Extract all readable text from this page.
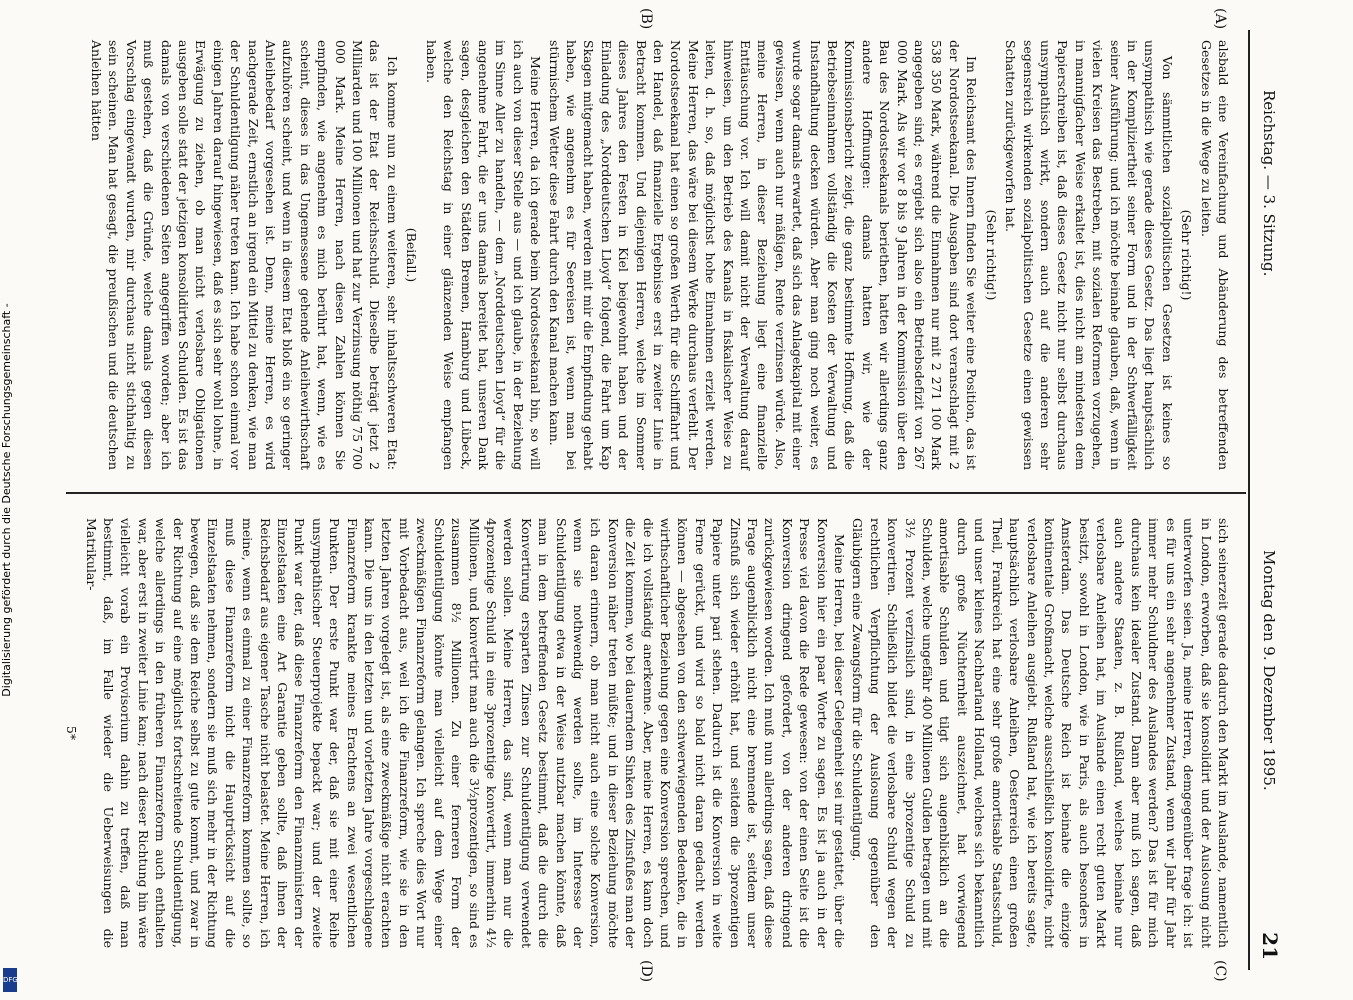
Digitalisierung gefördert durch die Deutsche Forschungsgemeinschaft -
DFG
Reichstag. — 3. Sitzung.
Montag den 9. Dezember 1895.
21
(A)
(B)
(C)
(D)

alsbald eine Vereinfachung und Abänderung des betreffenden Gesetzes in die Wege zu leiten.

(Sehr richtig!)

Von sämmtlichen sozialpolitischen Gesetzen ist keines so unsympathisch wie gerade dieses Gesetz. Das liegt hauptsächlich in der Kompliziertheit seiner Form und in der Schwerfälligkeit seiner Ausführung; und ich möchte beinahe glauben, daß, wenn in vielen Kreisen das Bestreben, mit sozialen Reformen vorzugehen, in mannigfacher Weise erkaltet ist, dies nicht am mindesten dem Papierschreiben ist, daß dieses Gesetz nicht nur selbst durchaus unsympathisch wirkt, sondern auch auf die anderen sehr segensreich wirkenden sozialpolitischen Gesetze einen gewissen Schatten zurückgeworfen hat.

(Sehr richtig!)

Im Reichsamt des Innern finden Sie weiter eine Position, das ist der Nordostseekanal. Die Ausgaben sind dort veranschlagt mit 2 538 350 Mark, während die Einnahmen nur mit 2 271 100 Mark angegeben sind; es ergiebt sich also ein Betriebsdefizit von 267 000 Mark. Als wir vor 8 bis 9 Jahren in der Kommission über den Bau des Nordostseekanals beriethen, hatten wir allerdings ganz andere Hoffnungen: damals hatten wir, wie der Kommissionsbericht zeigt, die ganz bestimmte Hoffnung, daß die Betriebseinnahmen vollständig die Kosten der Verwaltung und Instandhaltung decken würden. Aber man ging noch weiter, es wurde sogar damals erwartet, daß sich das Anlagekapital mit einer gewissen, wenn auch nur mäßigen, Rente verzinsen würde. Also, meine Herren, in dieser Beziehung liegt eine finanzielle Enttäuschung vor. Ich will damit nicht der Verwaltung darauf hinweisen, um den Betrieb des Kanals in fiskalischer Weise zu leiten, d. h. so, daß möglichst hohe Einnahmen erzielt werden. Meine Herren, das wäre bei diesem Werke durchaus verfehlt. Der Nordostseekanal hat einen so großen Werth für die Schifffahrt und den Handel, daß finanzielle Ergebnisse erst in zweiter Linie in Betracht kommen. Und diejenigen Herren, welche im Sommer dieses Jahres den Festen in Kiel beigewohnt haben und der Einladung des „Norddeutschen Lloyd“ folgend, die Fahrt um Kap Skagen mitgemacht haben, werden mit mir die Empfindung gehabt haben, wie angenehm es für Seereisen ist, wenn man bei stürmischem Wetter diese Fahrt durch den Kanal machen kann.

Meine Herren, da ich gerade beim Nordostseekanal bin, so will ich auch von dieser Stelle aus — und ich glaube, in der Beziehung im Sinne Aller zu handeln, — dem „Norddeutschen Lloyd“ für die angenehme Fahrt, die er uns damals bereitet hat, unseren Dank sagen, desgleichen den Städten Bremen, Hamburg und Lübeck, welche den Reichstag in einer glänzenden Weise empfangen haben.

(Beifall.)

Ich komme nun zu einem weiteren, sehr inhaltsschweren Etat: das ist der Etat der Reichsschuld. Dieselbe beträgt jetzt 2 Milliarden und 100 Millionen und hat zur Verzinsung nöthig 75 700 000 Mark. Meine Herren, nach diesen Zahlen können Sie empfinden, wie angenehm es mich berührt hat, wenn, wie es scheint, dieses in das Ungemessene gehende Anleihewirthschaft aufzuhören scheint, und wenn in diesem Etat bloß ein so geringer Anleihebedarf vorgesehen ist. Denn, meine Herren, es wird nachgerade Zeit, ernstlich an irgend ein Mittel zu denken, wie man der Schuldentilgung näher treten kann. Ich habe schon einmal vor einigen Jahren darauf hingewiesen, daß es sich sehr wohl lohne, in Erwägung zu ziehen, ob man nicht verlosbare Obligationen ausgeben solle statt der jetzigen konsolidirten Schulden. Es ist das damals von verschiedenen Seiten angegriffen worden; aber ich muß gestehen, daß die Gründe, welche damals gegen diesen Vorschlag eingewandt wurden, mir durchaus nicht stichhaltig zu sein scheinen. Man hat gesagt, die preußischen und die deutschen Anleihen hätten

sich seinerzeit gerade dadurch den Markt im Auslande, namentlich in London, erworben, daß sie konsolidirt und der Auslosung nicht unterworfen seien. Ja, meine Herren, demgegenüber frage ich: ist es für uns ein sehr angenehmer Zustand, wenn wir Jahr für Jahr immer mehr Schuldner des Auslandes werden? Das ist für mich durchaus kein idealer Zustand. Dann aber muß ich sagen, daß auch andere Staaten, z. B. Rußland, welches beinahe nur verlosbare Anleihen hat, im Auslande einen recht guten Markt besitzt, sowohl in London, wie in Paris, als auch besonders in Amsterdam. Das Deutsche Reich ist beinahe die einzige kontinentale Großmacht, welche ausschließlich konsolidirte, nicht verlosbare Anleihen ausgiebt. Rußland hat, wie ich bereits sagte, hauptsächlich verlosbare Anleihen, Oesterreich einen großen Theil, Frankreich hat eine sehr große amortisable Staatsschuld, und unser kleines Nachbarland Holland, welches sich bekanntlich durch große Nüchternheit auszeichnet, hat vorwiegend amortisable Schulden und tilgt sich augenblicklich an die Schulden, welche ungefähr 400 Millionen Gulden betragen und mit 3½ Prozent verzinslich sind, in eine 3prozentige Schuld zu konvertiren. Schließlich bildet die verlosbare Schuld wegen der rechtlichen Verpflichtung der Auslosung gegenüber den Gläubigern eine Zwangsform für die Schuldentilgung.

Meine Herren, bei dieser Gelegenheit sei mir gestattet, über die Konversion hier ein paar Worte zu sagen. Es ist ja auch in der Presse viel davon die Rede gewesen: von der einen Seite ist die Konversion dringend gefordert, von der anderen dringend zurückgewiesen worden. Ich muß nun allerdings sagen, daß diese Frage augenblicklich nicht eine brennende ist, seitdem unser Zinsfuß sich wieder erhöht hat, und seitdem die 3prozentigen Papiere unter pari stehen. Dadurch ist die Konversion in weite Ferne gerückt, und wird so bald nicht daran gedacht werden können — abgesehen von den schwerwiegenden Bedenken, die in wirthschaftlicher Beziehung gegen eine Konversion sprechen, und die ich vollständig anerkenne. Aber, meine Herren, es kann doch die Zeit kommen, wo bei dauerndem Sinken des Zinsfußes man der Konversion näher treten müßte; und in dieser Beziehung möchte ich daran erinnern, ob man nicht auch eine solche Konversion, wenn sie nothwendig werden sollte, im Interesse der Schuldentilgung etwa in der Weise nutzbar machen könnte, daß man in dem betreffenden Gesetz bestimmt, daß die durch die Konvertirung ersparten Zinsen zur Schuldentilgung verwendet werden sollen. Meine Herren, das sind, wenn man nur die 4prozentige Schuld in eine 3prozentige konvertirt, immerhin 4½ Millionen, und konvertirt man auch die 3½prozentigen, so sind es zusammen 8½ Millionen. Zu einer ferneren Form der Schuldentilgung könnte man vielleicht auf dem Wege einer zweckmäßigen Finanzreform gelangen. Ich spreche dies Wort nur mit Vorbedacht aus, weil ich die Finanzreform, wie sie in den letzten Jahren vorgelegt ist, als eine zweckmäßige nicht erachten kann. Die uns in den letzten und vorletzten Jahre vorgeschlagene Finanzreform krankte meines Erachtens an zwei wesentlichen Punkten. Der erste Punkt war der, daß sie mit einer Reihe unsympathischer Steuerprojekte bepackt war; und der zweite Punkt war der, daß diese Finanzreform den Finanzministern der Einzelstaaten eine Art Garantie geben sollte, daß ihnen der Reichsbedarf aus eigener Tasche nicht belastet. Meine Herren, ich meine, wenn es einmal zu einer Finanzreform kommen sollte, so muß diese Finanzreform nicht die Hauptrücksicht auf die Einzelstaaten nehmen, sondern sie muß sich mehr in der Richtung bewegen, daß sie dem Reiche selbst zu gute kommt, und zwar in der Richtung auf eine möglichst fortschreitende Schuldentilgung, welche allerdings in den früheren Finanzreform auch enthalten war, aber erst in zweiter Linie kam; nach dieser Richtung hin wäre vielleicht vorab ein Provisorium dahin zu treffen, daß man bestimmt, daß, im Falle wieder die Ueberweisungen die Matrikular-

5*
